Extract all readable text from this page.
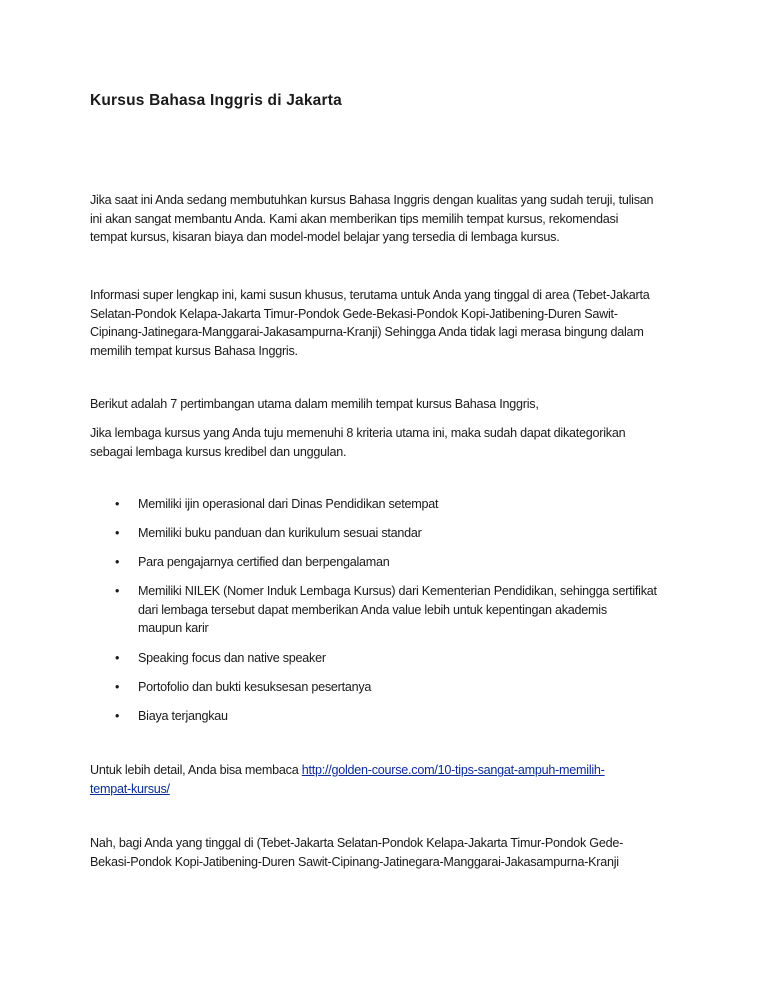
Kursus Bahasa Inggris di Jakarta

Jika saat ini Anda sedang membutuhkan kursus Bahasa Inggris dengan kualitas yang sudah teruji, tulisan
ini akan sangat membantu Anda. Kami akan memberikan tips memilih tempat kursus, rekomendasi
tempat kursus, kisaran biaya dan model-model belajar yang tersedia di lembaga kursus.

Informasi super lengkap ini, kami susun khusus, terutama untuk Anda yang tinggal di area (Tebet-Jakarta
Selatan-Pondok Kelapa-Jakarta Timur-Pondok Gede-Bekasi-Pondok Kopi-Jatibening-Duren Sawit-
Cipinang-Jatinegara-Manggarai-Jakasampurna-Kranji) Sehingga Anda tidak lagi merasa bingung dalam
memilih tempat kursus Bahasa Inggris.

Berikut adalah 7 pertimbangan utama dalam memilih tempat kursus Bahasa Inggris,

Jika lembaga kursus yang Anda tuju memenuhi 8 kriteria utama ini, maka sudah dapat dikategorikan
sebagai lembaga kursus kredibel dan unggulan.

• Memiliki ijin operasional dari Dinas Pendidikan setempat
• Memiliki buku panduan dan kurikulum sesuai standar
• Para pengajarnya certified dan berpengalaman
• Memiliki NILEK (Nomer Induk Lembaga Kursus) dari Kementerian Pendidikan, sehingga sertifikat
dari lembaga tersebut dapat memberikan Anda value lebih untuk kepentingan akademis
maupun karir
• Speaking focus dan native speaker
• Portofolio dan bukti kesuksesan pesertanya
• Biaya terjangkau

Untuk lebih detail, Anda bisa membaca http://golden-course.com/10-tips-sangat-ampuh-memilih-
tempat-kursus/

Nah, bagi Anda yang tinggal di (Tebet-Jakarta Selatan-Pondok Kelapa-Jakarta Timur-Pondok Gede-
Bekasi-Pondok Kopi-Jatibening-Duren Sawit-Cipinang-Jatinegara-Manggarai-Jakasampurna-Kranji
